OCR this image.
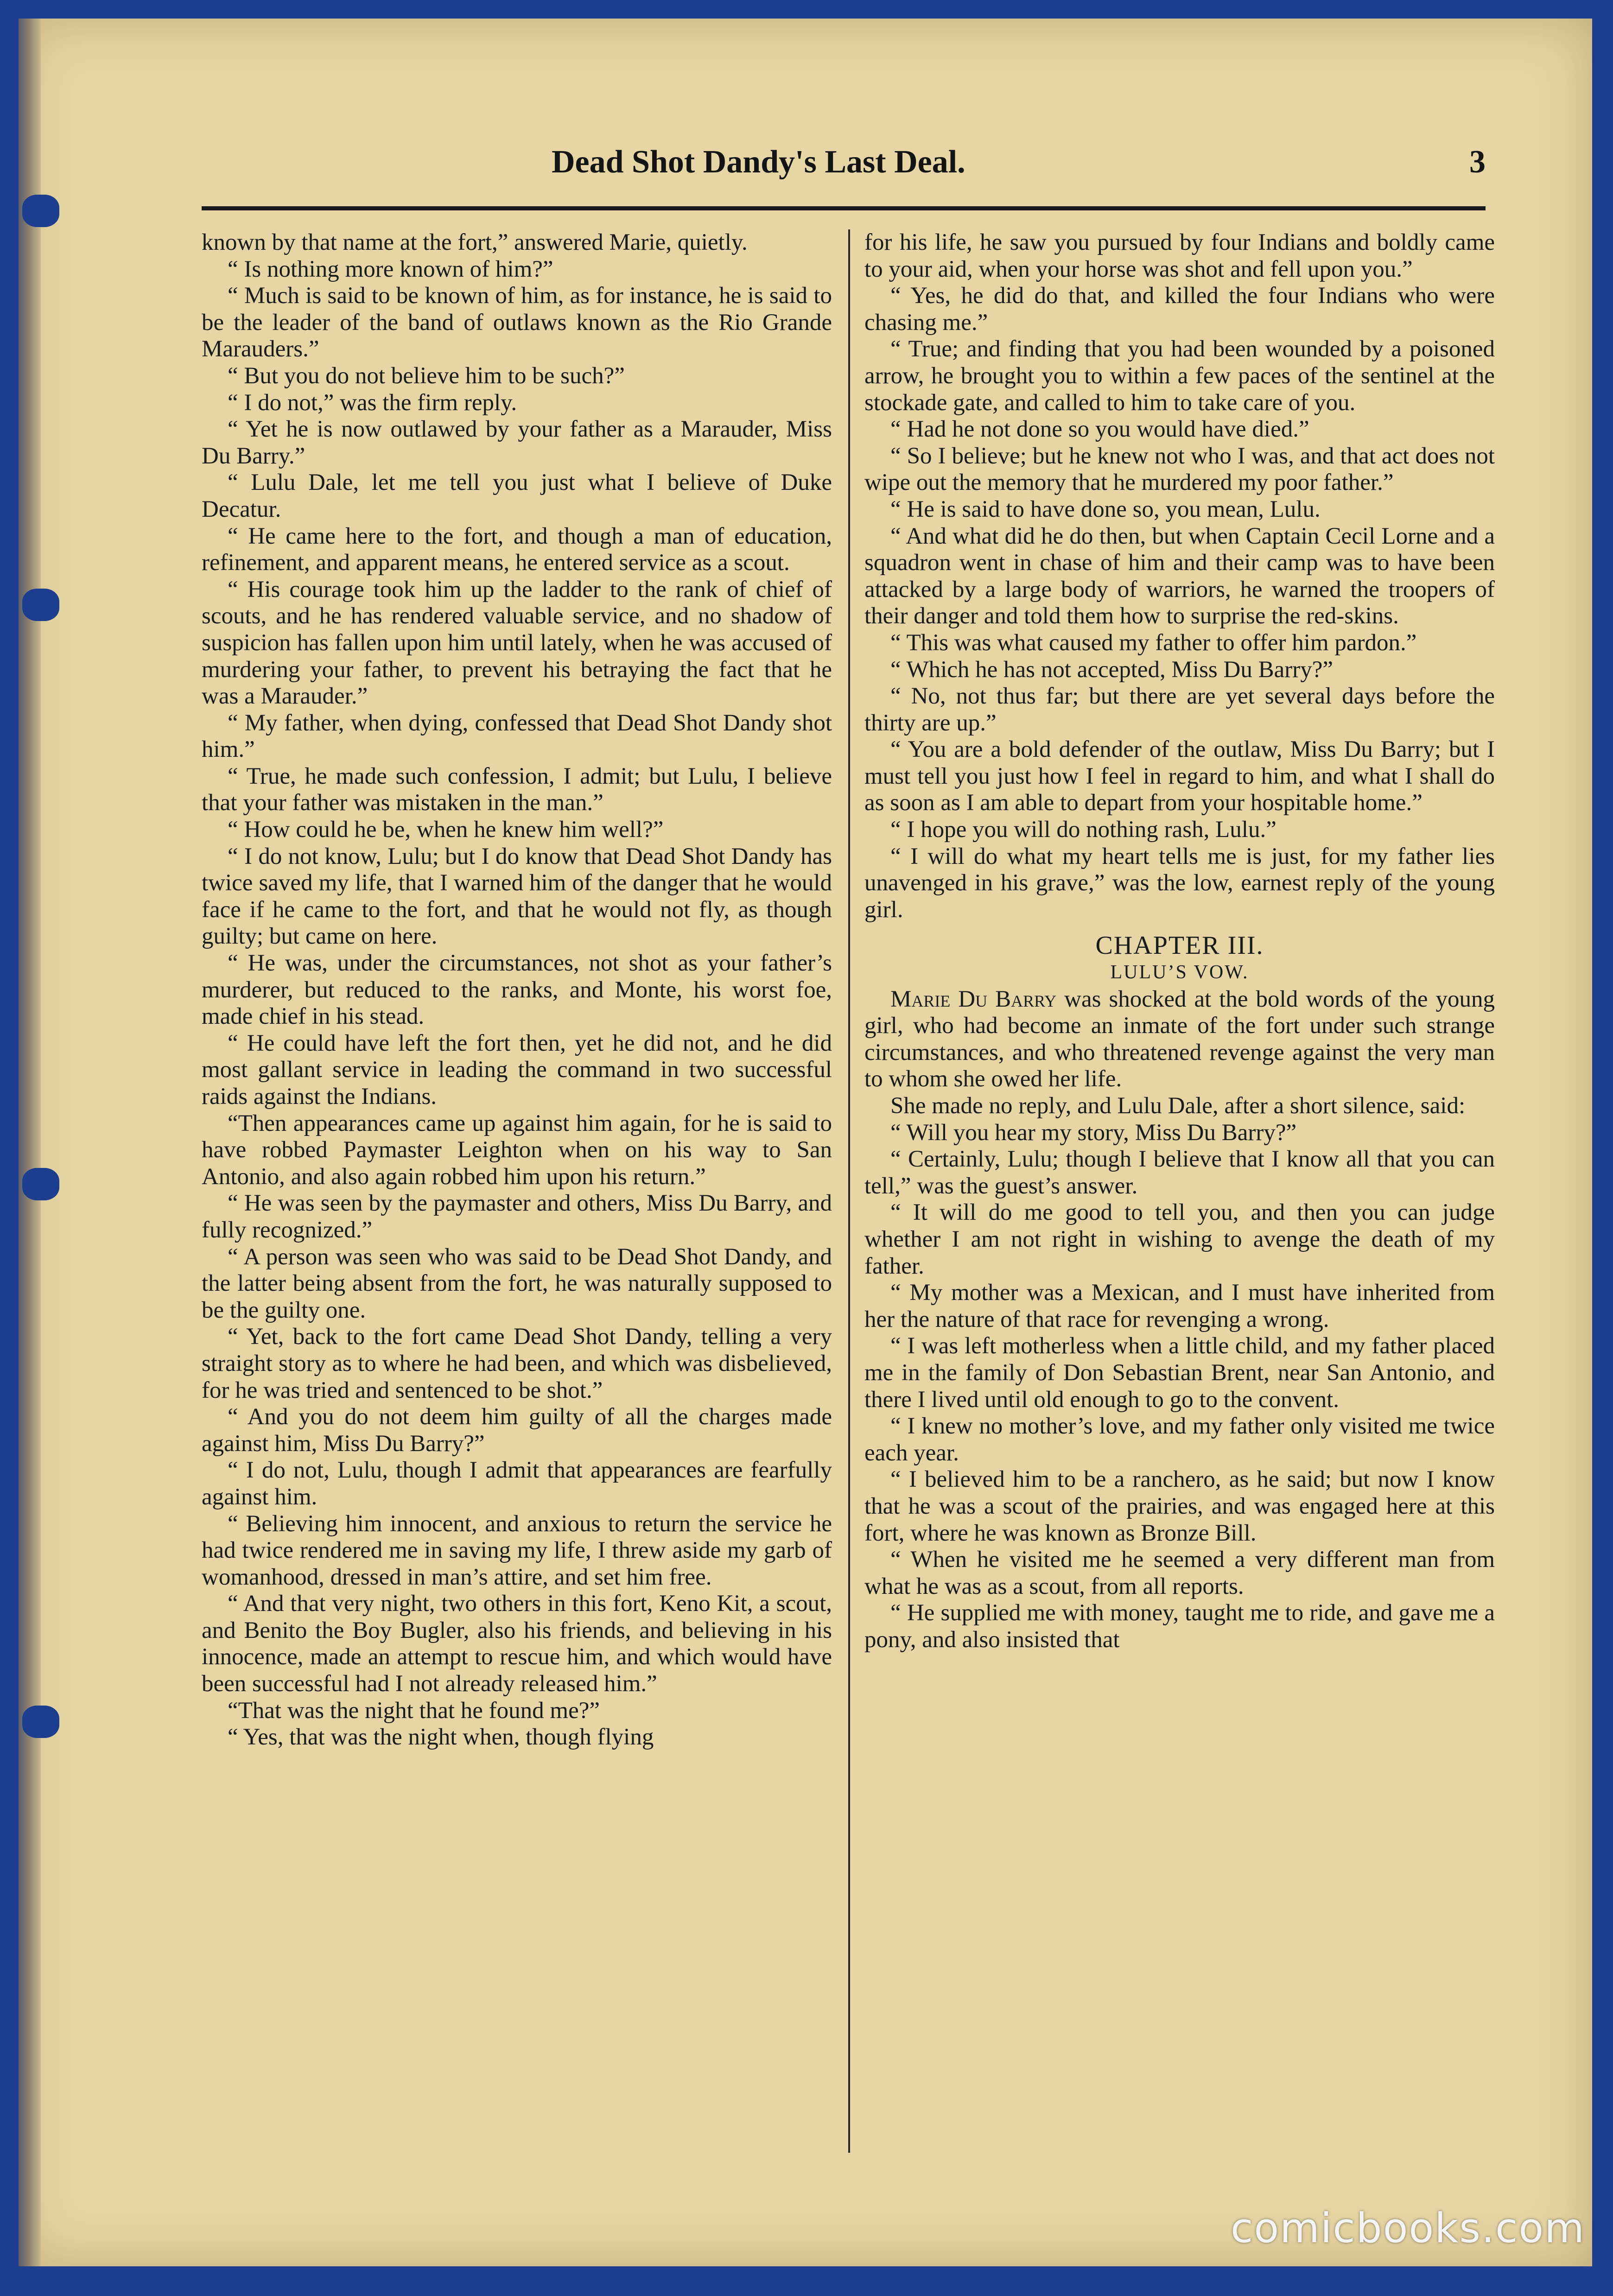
Dead Shot Dandy's Last Deal.	3

known by that name at the fort,” answered Marie, quietly.

“ Is nothing more known of him?”

“ Much is said to be known of him, as for instance, he is said to be the leader of the band of outlaws known as the Rio Grande Marauders.”

“ But you do not believe him to be such?”

“ I do not,” was the firm reply.

“ Yet he is now outlawed by your father as a Marauder, Miss Du Barry.”

“ Lulu Dale, let me tell you just what I believe of Duke Decatur.

“ He came here to the fort, and though a man of education, refinement, and apparent means, he entered service as a scout.

“ His courage took him up the ladder to the rank of chief of scouts, and he has rendered valuable service, and no shadow of suspicion has fallen upon him until lately, when he was accused of murdering your father, to prevent his betraying the fact that he was a Marauder.”

“ My father, when dying, confessed that Dead Shot Dandy shot him.”

“ True, he made such confession, I admit; but Lulu, I believe that your father was mistaken in the man.”

“ How could he be, when he knew him well?”

“ I do not know, Lulu; but I do know that Dead Shot Dandy has twice saved my life, that I warned him of the danger that he would face if he came to the fort, and that he would not fly, as though guilty; but came on here.

“ He was, under the circumstances, not shot as your father’s murderer, but reduced to the ranks, and Monte, his worst foe, made chief in his stead.

“ He could have left the fort then, yet he did not, and he did most gallant service in leading the command in two successful raids against the Indians.

“Then appearances came up against him again, for he is said to have robbed Paymaster Leighton when on his way to San Antonio, and also again robbed him upon his return.”

“ He was seen by the paymaster and others, Miss Du Barry, and fully recognized.”

“ A person was seen who was said to be Dead Shot Dandy, and the latter being absent from the fort, he was naturally supposed to be the guilty one.

“ Yet, back to the fort came Dead Shot Dandy, telling a very straight story as to where he had been, and which was disbelieved, for he was tried and sentenced to be shot.”

“ And you do not deem him guilty of all the charges made against him, Miss Du Barry?”

“ I do not, Lulu, though I admit that appearances are fearfully against him.

“ Believing him innocent, and anxious to return the service he had twice rendered me in saving my life, I threw aside my garb of womanhood, dressed in man’s attire, and set him free.

“ And that very night, two others in this fort, Keno Kit, a scout, and Benito the Boy Bugler, also his friends, and believing in his innocence, made an attempt to rescue him, and which would have been successful had I not already released him.”

“That was the night that he found me?”

“ Yes, that was the night when, though flying

for his life, he saw you pursued by four Indians and boldly came to your aid, when your horse was shot and fell upon you.”

“ Yes, he did do that, and killed the four Indians who were chasing me.”

“ True; and finding that you had been wounded by a poisoned arrow, he brought you to within a few paces of the sentinel at the stockade gate, and called to him to take care of you.

“ Had he not done so you would have died.”

“ So I believe; but he knew not who I was, and that act does not wipe out the memory that he murdered my poor father.”

“ He is said to have done so, you mean, Lulu.

“ And what did he do then, but when Captain Cecil Lorne and a squadron went in chase of him and their camp was to have been attacked by a large body of warriors, he warned the troopers of their danger and told them how to surprise the red-skins.

“ This was what caused my father to offer him pardon.”

“ Which he has not accepted, Miss Du Barry?”

“ No, not thus far; but there are yet several days before the thirty are up.”

“ You are a bold defender of the outlaw, Miss Du Barry; but I must tell you just how I feel in regard to him, and what I shall do as soon as I am able to depart from your hospitable home.”

“ I hope you will do nothing rash, Lulu.”

“ I will do what my heart tells me is just, for my father lies unavenged in his grave,” was the low, earnest reply of the young girl.

CHAPTER III.

LULU’S VOW.

Marie Du Barry was shocked at the bold words of the young girl, who had become an inmate of the fort under such strange circumstances, and who threatened revenge against the very man to whom she owed her life.

She made no reply, and Lulu Dale, after a short silence, said:

“ Will you hear my story, Miss Du Barry?”

“ Certainly, Lulu; though I believe that I know all that you can tell,” was the guest’s answer.

“ It will do me good to tell you, and then you can judge whether I am not right in wishing to avenge the death of my father.

“ My mother was a Mexican, and I must have inherited from her the nature of that race for revenging a wrong.

“ I was left motherless when a little child, and my father placed me in the family of Don Sebastian Brent, near San Antonio, and there I lived until old enough to go to the convent.

“ I knew no mother’s love, and my father only visited me twice each year.

“ I believed him to be a ranchero, as he said; but now I know that he was a scout of the prairies, and was engaged here at this fort, where he was known as Bronze Bill.

“ When he visited me he seemed a very different man from what he was as a scout, from all reports.

“ He supplied me with money, taught me to ride, and gave me a pony, and also insisted that

comicbooks.com
